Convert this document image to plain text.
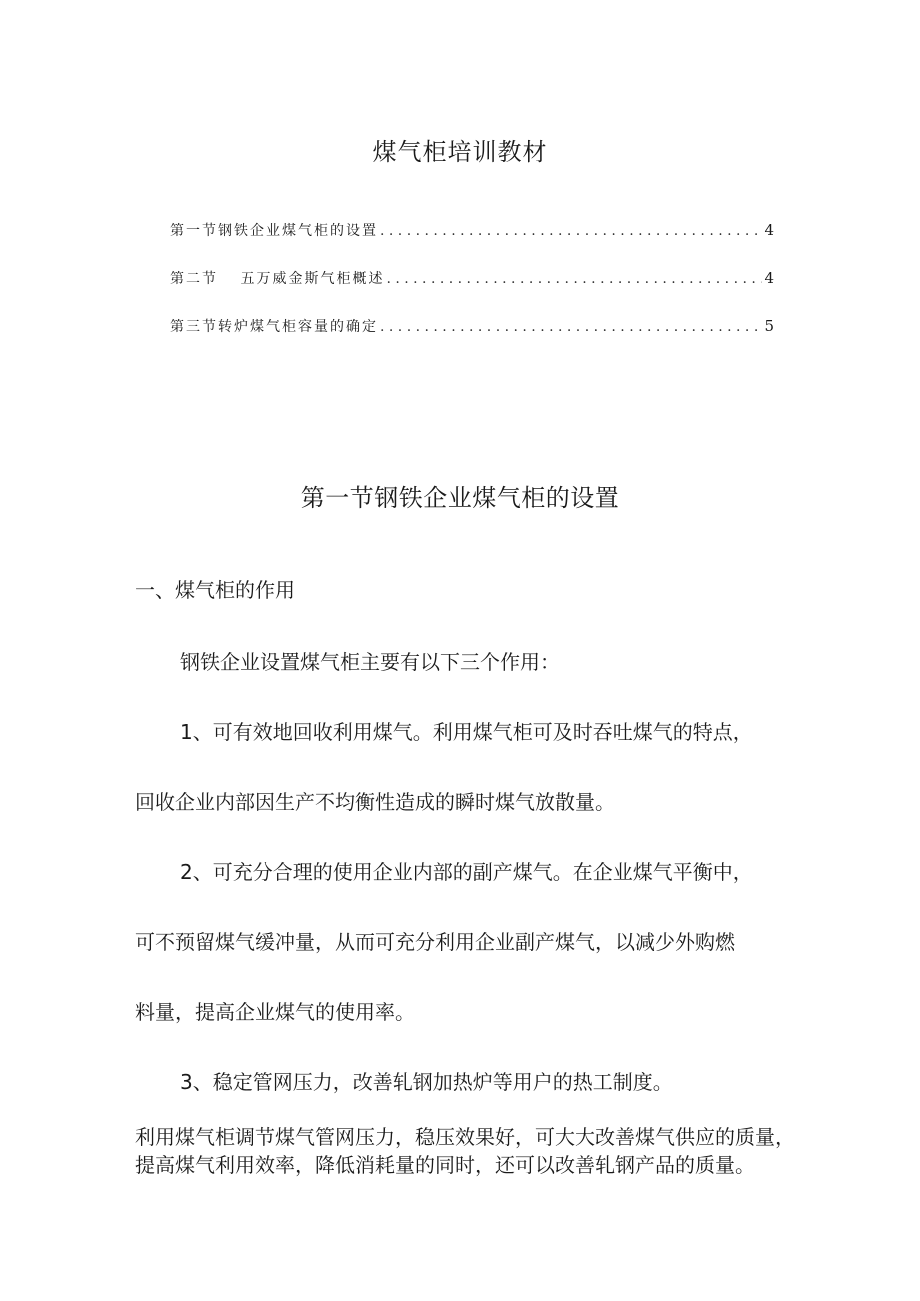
煤气柜培训教材
第一节钢铁企业煤气柜的设置 . . .	4
第二节　 五万威金斯气柜概述 . . .	4
第三节转炉煤气柜容量的确定 . . .	5
第一节钢铁企业煤气柜的设置
一、煤气柜的作用
钢铁企业设置煤气柜主要有以下三个作用：
1、可有效地回收利用煤气。利用煤气柜可及时吞吐煤气的特点，
回收企业内部因生产不均衡性造成的瞬时煤气放散量。
2、可充分合理的使用企业内部的副产煤气。在企业煤气平衡中，
可不预留煤气缓冲量，从而可充分利用企业副产煤气，以减少外购燃
料量，提高企业煤气的使用率。
3、稳定管网压力，改善轧钢加热炉等用户的热工制度。
利用煤气柜调节煤气管网压力，稳压效果好，可大大改善煤气供应的质量，提高煤气利用效率，降低消耗量的同时，还可以改善轧钢产品的质量。
